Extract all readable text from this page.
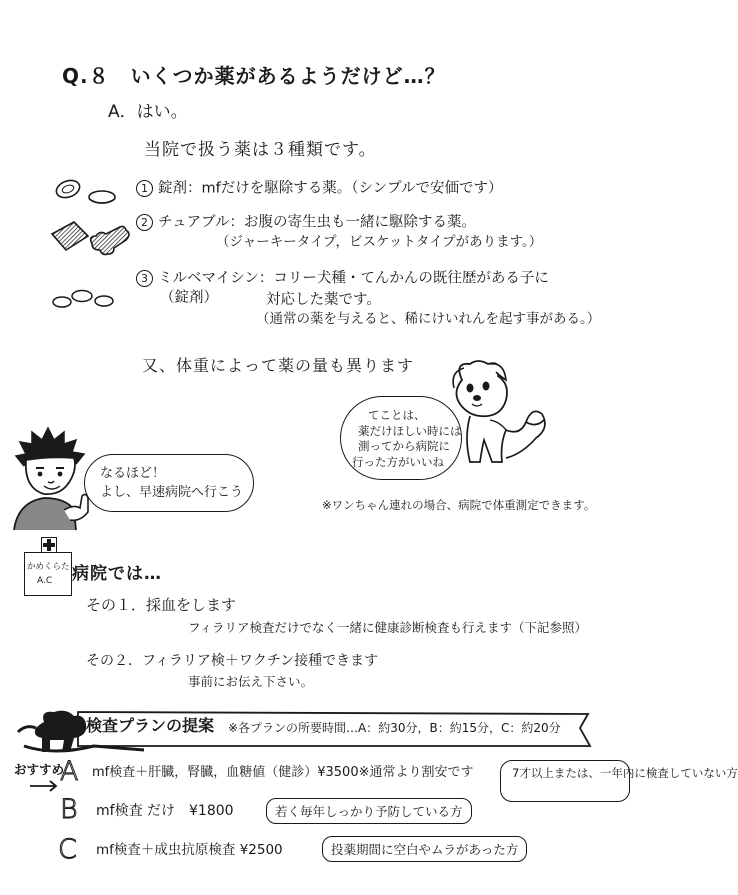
Q.８　いくつか薬があるようだけど…？
A．はい。
当院で扱う薬は３種類です。
1 錠剤：mfだけを駆除する薬。（シンプルで安価です）
2 チュアブル：お腹の寄生虫も一緒に駆除する薬。
（ジャーキータイプ，ビスケットタイプがあります。）
3 ミルベマイシン：コリー犬種・てんかんの既往歴がある子に
（錠剤）	対応した薬です。
（通常の薬を与えると、稀にけいれんを起す事がある。）
又、体重によって薬の量も異ります
てことは、
薬だけほしい時には
測ってから病院に
行った方がいいね
※ワンちゃん連れの場合、病院で体重測定できます。
なるほど！
よし、早速病院へ行こう
かめくらた
A.C 病院では…
その１．採血をします
フィラリア検査だけでなく一緒に健康診断検査も行えます（下記参照）
その２．フィラリア検＋ワクチン接種できます
事前にお伝え下さい。
検査プランの提案 ※各プランの所要時間…A：約30分，B：約15分，C：約20分
おすすめ
A mf検査＋肝臓，腎臓，血糖値（健診）¥3500※通常より割安です	7才以上または、一年内に検査していない方
B mf検査 だけ　¥1800	若く毎年しっかり予防している方
C mf検査＋成虫抗原検査 ¥2500	投薬期間に空白やムラがあった方
